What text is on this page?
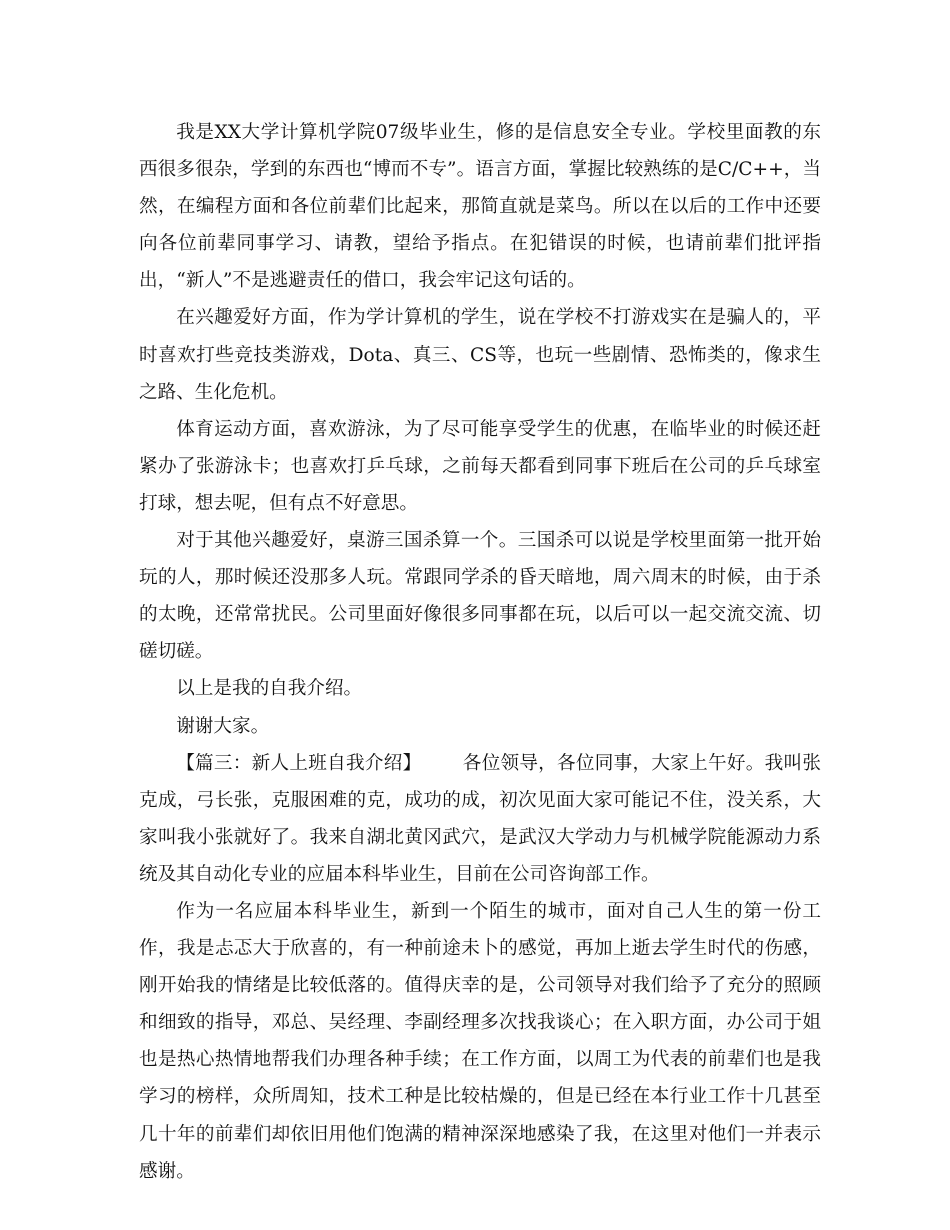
我是XX大学计算机学院07级毕业生，修的是信息安全专业。学校里面教的东西很多很杂，学到的东西也“博而不专”。语言方面，掌握比较熟练的是C/C++，当然，在编程方面和各位前辈们比起来，那简直就是菜鸟。所以在以后的工作中还要向各位前辈同事学习、请教，望给予指点。在犯错误的时候，也请前辈们批评指出，“新人”不是逃避责任的借口，我会牢记这句话的。

在兴趣爱好方面，作为学计算机的学生，说在学校不打游戏实在是骗人的，平时喜欢打些竞技类游戏，Dota、真三、CS等，也玩一些剧情、恐怖类的，像求生之路、生化危机。

体育运动方面，喜欢游泳，为了尽可能享受学生的优惠，在临毕业的时候还赶紧办了张游泳卡；也喜欢打乒乓球，之前每天都看到同事下班后在公司的乒乓球室打球，想去呢，但有点不好意思。

对于其他兴趣爱好，桌游三国杀算一个。三国杀可以说是学校里面第一批开始玩的人，那时候还没那多人玩。常跟同学杀的昏天暗地，周六周末的时候，由于杀的太晚，还常常扰民。公司里面好像很多同事都在玩，以后可以一起交流交流、切磋切磋。

以上是我的自我介绍。

谢谢大家。

【篇三：新人上班自我介绍】 各位领导，各位同事，大家上午好。我叫张克成，弓长张，克服困难的克，成功的成，初次见面大家可能记不住，没关系，大家叫我小张就好了。我来自湖北黄冈武穴，是武汉大学动力与机械学院能源动力系统及其自动化专业的应届本科毕业生，目前在公司咨询部工作。

作为一名应届本科毕业生，新到一个陌生的城市，面对自己人生的第一份工作，我是忐忑大于欣喜的，有一种前途未卜的感觉，再加上逝去学生时代的伤感，刚开始我的情绪是比较低落的。值得庆幸的是，公司领导对我们给予了充分的照顾和细致的指导，邓总、吴经理、李副经理多次找我谈心；在入职方面，办公司于姐也是热心热情地帮我们办理各种手续；在工作方面，以周工为代表的前辈们也是我学习的榜样，众所周知，技术工种是比较枯燥的，但是已经在本行业工作十几甚至几十年的前辈们却依旧用他们饱满的精神深深地感染了我，在这里对他们一并表示感谢。
